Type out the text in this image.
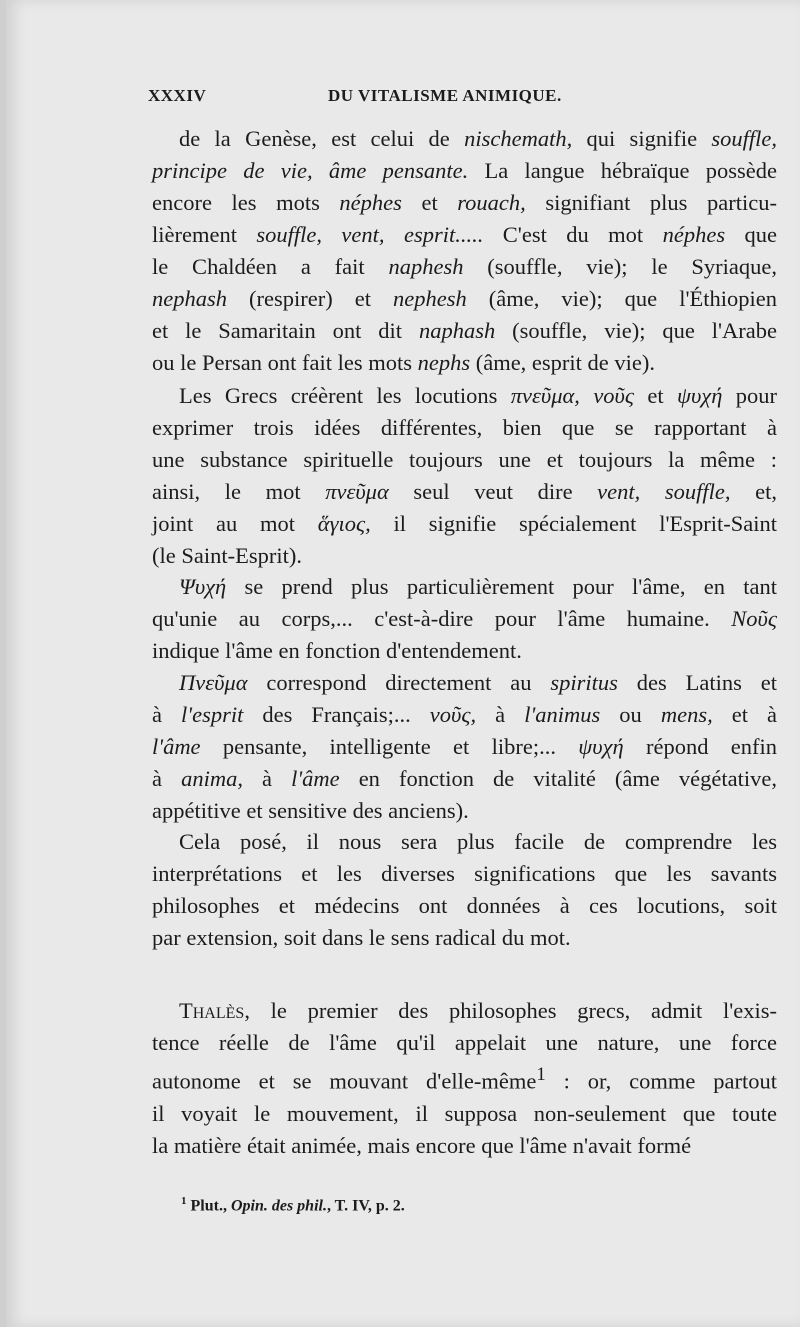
XXXIV	DU VITALISME ANIMIQUE.
de la Genèse, est celui de nischemath, qui signifie souffle,
principe de vie, âme pensante. La langue hébraïque possède
encore les mots néphes et rouach, signifiant plus particu-
lièrement souffle, vent, esprit..... C'est du mot néphes que
le Chaldéen a fait naphesh (souffle, vie); le Syriaque,
nephash (respirer) et nephesh (âme, vie); que l'Éthiopien
et le Samaritain ont dit naphash (souffle, vie); que l'Arabe
ou le Persan ont fait les mots nephs (âme, esprit de vie).
Les Grecs créèrent les locutions πνεῦμα, νοῦς et ψυχή pour
exprimer trois idées différentes, bien que se rapportant à
une substance spirituelle toujours une et toujours la même :
ainsi, le mot πνεῦμα seul veut dire vent, souffle, et,
joint au mot ἅγιος, il signifie spécialement l'Esprit-Saint
(le Saint-Esprit).
Ψυχή se prend plus particulièrement pour l'âme, en tant
qu'unie au corps,... c'est-à-dire pour l'âme humaine. Νοῦς
indique l'âme en fonction d'entendement.
Πνεῦμα correspond directement au spiritus des Latins et
à l'esprit des Français;... νοῦς, à l'animus ou mens, et à
l'âme pensante, intelligente et libre;... ψυχή répond enfin
à anima, à l'âme en fonction de vitalité (âme végétative,
appétitive et sensitive des anciens).
Cela posé, il nous sera plus facile de comprendre les
interprétations et les diverses significations que les savants
philosophes et médecins ont données à ces locutions, soit
par extension, soit dans le sens radical du mot.
Thalès, le premier des philosophes grecs, admit l'exis-
tence réelle de l'âme qu'il appelait une nature, une force
autonome et se mouvant d'elle-même$^1$ : or, comme partout
il voyait le mouvement, il supposa non-seulement que toute
la matière était animée, mais encore que l'âme n'avait formé
$^1$ Plut., Opin. des phil., T. IV, p. 2.
